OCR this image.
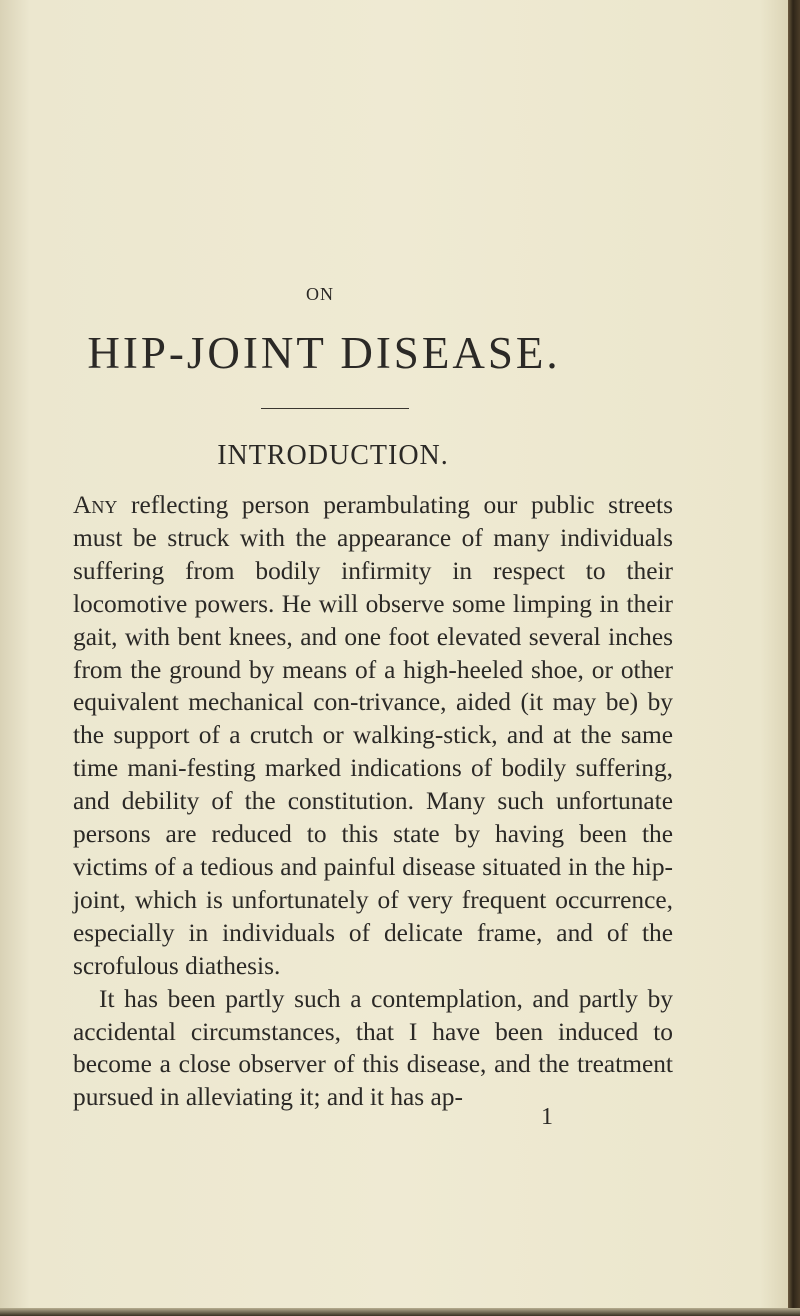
ON
HIP-JOINT DISEASE.
INTRODUCTION.

Any reflecting person perambulating our public streets must be struck with the appearance of many individuals suffering from bodily infirmity in respect to their locomotive powers. He will observe some limping in their gait, with bent knees, and one foot elevated several inches from the ground by means of a high-heeled shoe, or other equivalent mechanical con-trivance, aided (it may be) by the support of a crutch or walking-stick, and at the same time mani-festing marked indications of bodily suffering, and debility of the constitution. Many such unfortunate persons are reduced to this state by having been the victims of a tedious and painful disease situated in the hip-joint, which is unfortunately of very frequent occurrence, especially in individuals of delicate frame, and of the scrofulous diathesis.

It has been partly such a contemplation, and partly by accidental circumstances, that I have been induced to become a close observer of this disease, and the treatment pursued in alleviating it; and it has ap-

1
